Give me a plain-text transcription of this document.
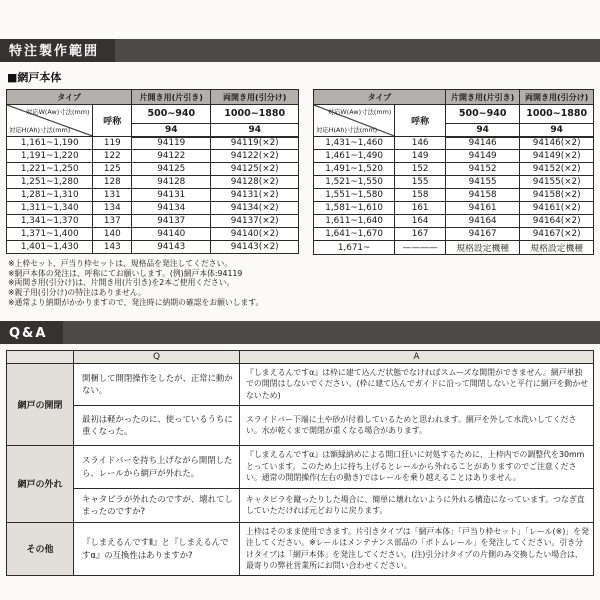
特注製作範囲
■網戸本体
タイプ		片開き用(片引き)	両開き用(引分け)

対応W(Aw)寸法(mm)
対応H(Ah)寸法(mm)	呼称	500~940	1000~1880
		94	94
1,161~1,190	119	94119	94119(×2)
1,191~1,220	122	94122	94122(×2)
1,221~1,250	125	94125	94125(×2)
1,251~1,280	128	94128	94128(×2)
1,281~1,310	131	94131	94131(×2)
1,311~1,340	134	94134	94134(×2)
1,341~1,370	137	94137	94137(×2)
1,371~1,400	140	94140	94140(×2)
1,401~1,430	143	94143	94143(×2)
タイプ		片開き用(片引き)	両開き用(引分け)

対応W(Aw)寸法(mm)
対応H(Ah)寸法(mm)	呼称	500~940	1000~1880
		94	94
1,431~1,460	146	94146	94146(×2)
1,461~1,490	149	94149	94149(×2)
1,491~1,520	152	94152	94152(×2)
1,521~1,550	155	94155	94155(×2)
1,551~1,580	158	94158	94158(×2)
1,581~1,610	161	94161	94161(×2)
1,611~1,640	164	94164	94164(×2)
1,641~1,670	167	94167	94167(×2)
1,671~	————	規格設定機種	規格設定機種
※上枠セット、戸当り枠セットは、規格品を発注してください。
※網戸本体の発注は、呼称にてお願いします。(例)網戸本体:94119
※両開き用(引分け)は、片開き用(片引き)を2本ご使用ください。
※親子用(引分け)の特注はありません。
※通常より納期がかかりますので、発注時に納期の確認をお願いします。
Q&A
	Q	A
網戸の開閉	開梱して開閉操作をしたが、正常に動かない。	『しまえるんですα』は枠に建て込んだ状態でなければスムーズな開閉ができません。網戸単独での開閉はしないでください。(枠に建て込んでガイドに沿って開閉しないと平行に網戸を動かせないため)
	最初は軽かったのに、使っているうちに重くなった。	スライドバー下端に土や砂が付着しているためと思われます。網戸を外して水洗いしてください。水が乾くまで開閉が重くなる場合があります。
網戸の外れ	スライドバーを持ち上げながら開閉したら、レールから網戸が外れた。	『しまえるんですα』は額縁納めによる開口狂いに対処するために、上枠内での調整代を30mmとっています。このため上に持ち上げるとレールから外れることがありますのでご注意ください。通常の開閉操作(左右の動き)ではレールを乗り越えることはありません。
	キャタピラが外れたのですが、壊れてしまったのですか?	キャタピラを蹴ったりした場合に、簡単に壊れないように外れる構造になっています。つなぎ直していただければ元どおりに戻ります。
その他	『しまえるんですⅡ』と『しまえるんですα』の互換性はありますか?	上枠はそのまま使用できます。片引きタイプは「網戸本体」「戸当り枠セット」「レール(※)」を発注してください。※レールはメンテナンス部品の「ボトムレール」を発注してください。引き分けタイプは「網戸本体」を発注してください。(注)引分けタイプの片側のみ交換したい場合は、最寄りの弊社営業所にお問い合わせください。
